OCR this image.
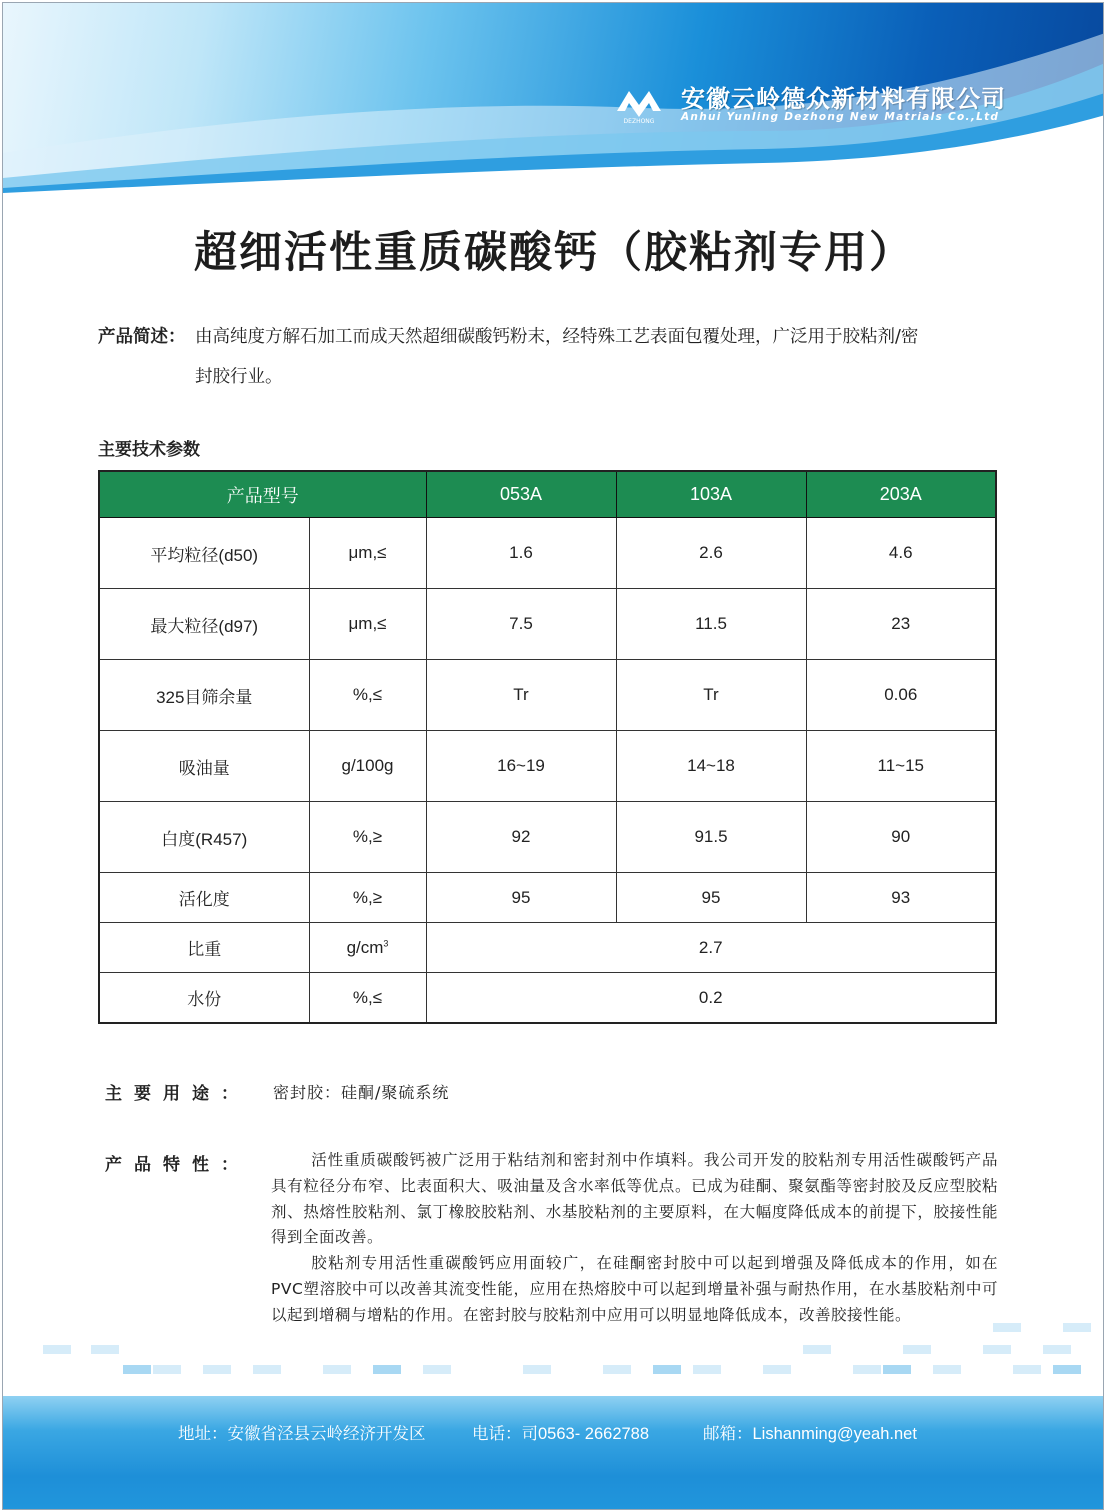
DEZHONG
安徽云岭德众新材料有限公司
Anhui Yunling Dezhong New Matrials Co.,Ltd
超细活性重质碳酸钙（胶粘剂专用）
产品简述： 由高纯度方解石加工而成天然超细碳酸钙粉末，经特殊工艺表面包覆处理，广泛用于胶粘剂/密
封胶行业。
主要技术参数
产品型号		053A	103A	203A
平均粒径(d50)	μm,≤	1.6	2.6	4.6
最大粒径(d97)	μm,≤	7.5	11.5	23
325目筛余量	%,≤	Tr	Tr	0.06
吸油量	g/100g	16~19	14~18	11~15
白度(R457)	%,≥	92	91.5	90
活化度	%,≥	95	95	93
比重	$g/cm^3$	2.7		
水份	%,≤	0.2		
主要用途： 密封胶：硅酮/聚硫系统
产品特性：	活性重质碳酸钙被广泛用于粘结剂和密封剂中作填料。我公司开发的胶粘剂专用活性碳酸钙产品具有粒径分布窄、比表面积大、吸油量及含水率低等优点。已成为硅酮、聚氨酯等密封胶及反应型胶粘剂、热熔性胶粘剂、氯丁橡胶胶粘剂、水基胶粘剂的主要原料，在大幅度降低成本的前提下，胶接性能得到全面改善。

胶粘剂专用活性重碳酸钙应用面较广，在硅酮密封胶中可以起到增强及降低成本的作用，如在PVC塑溶胶中可以改善其流变性能，应用在热熔胶中可以起到增量补强与耐热作用，在水基胶粘剂中可以起到增稠与增粘的作用。在密封胶与胶粘剂中应用可以明显地降低成本，改善胶接性能。

地址：安徽省泾县云岭经济开发区	电话：司0563- 2662788	邮箱：Lishanming@yeah.net
